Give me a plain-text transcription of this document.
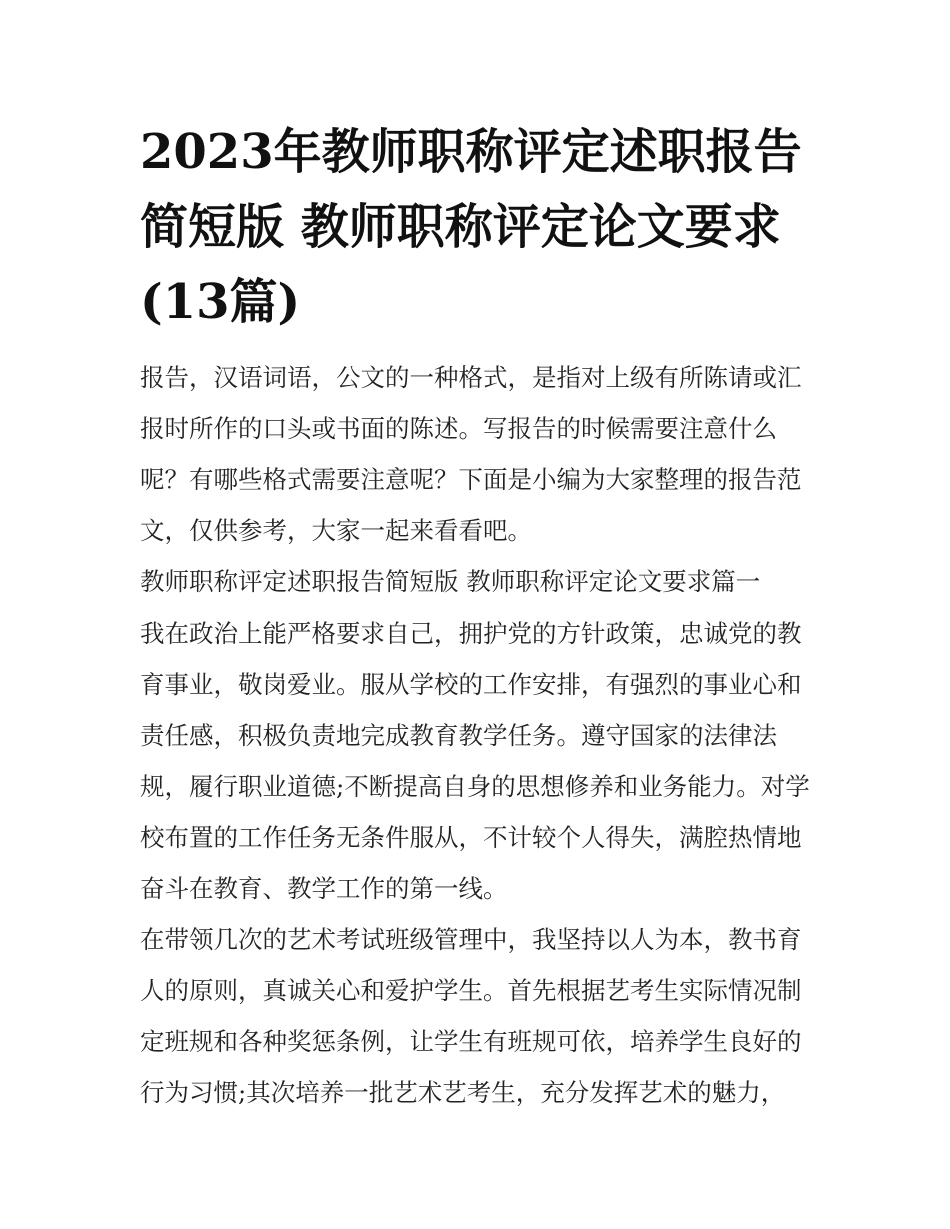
2023年教师职称评定述职报告简短版 教师职称评定论文要求(13篇)

报告，汉语词语，公文的一种格式，是指对上级有所陈请或汇报时所作的口头或书面的陈述。写报告的时候需要注意什么呢？有哪些格式需要注意呢？下面是小编为大家整理的报告范文，仅供参考，大家一起来看看吧。

教师职称评定述职报告简短版 教师职称评定论文要求篇一

我在政治上能严格要求自己，拥护党的方针政策，忠诚党的教育事业，敬岗爱业。服从学校的工作安排，有强烈的事业心和责任感，积极负责地完成教育教学任务。遵守国家的法律法规，履行职业道德;不断提高自身的思想修养和业务能力。对学校布置的工作任务无条件服从，不计较个人得失，满腔热情地奋斗在教育、教学工作的第一线。

在带领几次的艺术考试班级管理中，我坚持以人为本，教书育人的原则，真诚关心和爱护学生。首先根据艺考生实际情况制定班规和各种奖惩条例，让学生有班规可依，培养学生良好的行为习惯;其次培养一批艺术艺考生，充分发挥艺术的魅力，
